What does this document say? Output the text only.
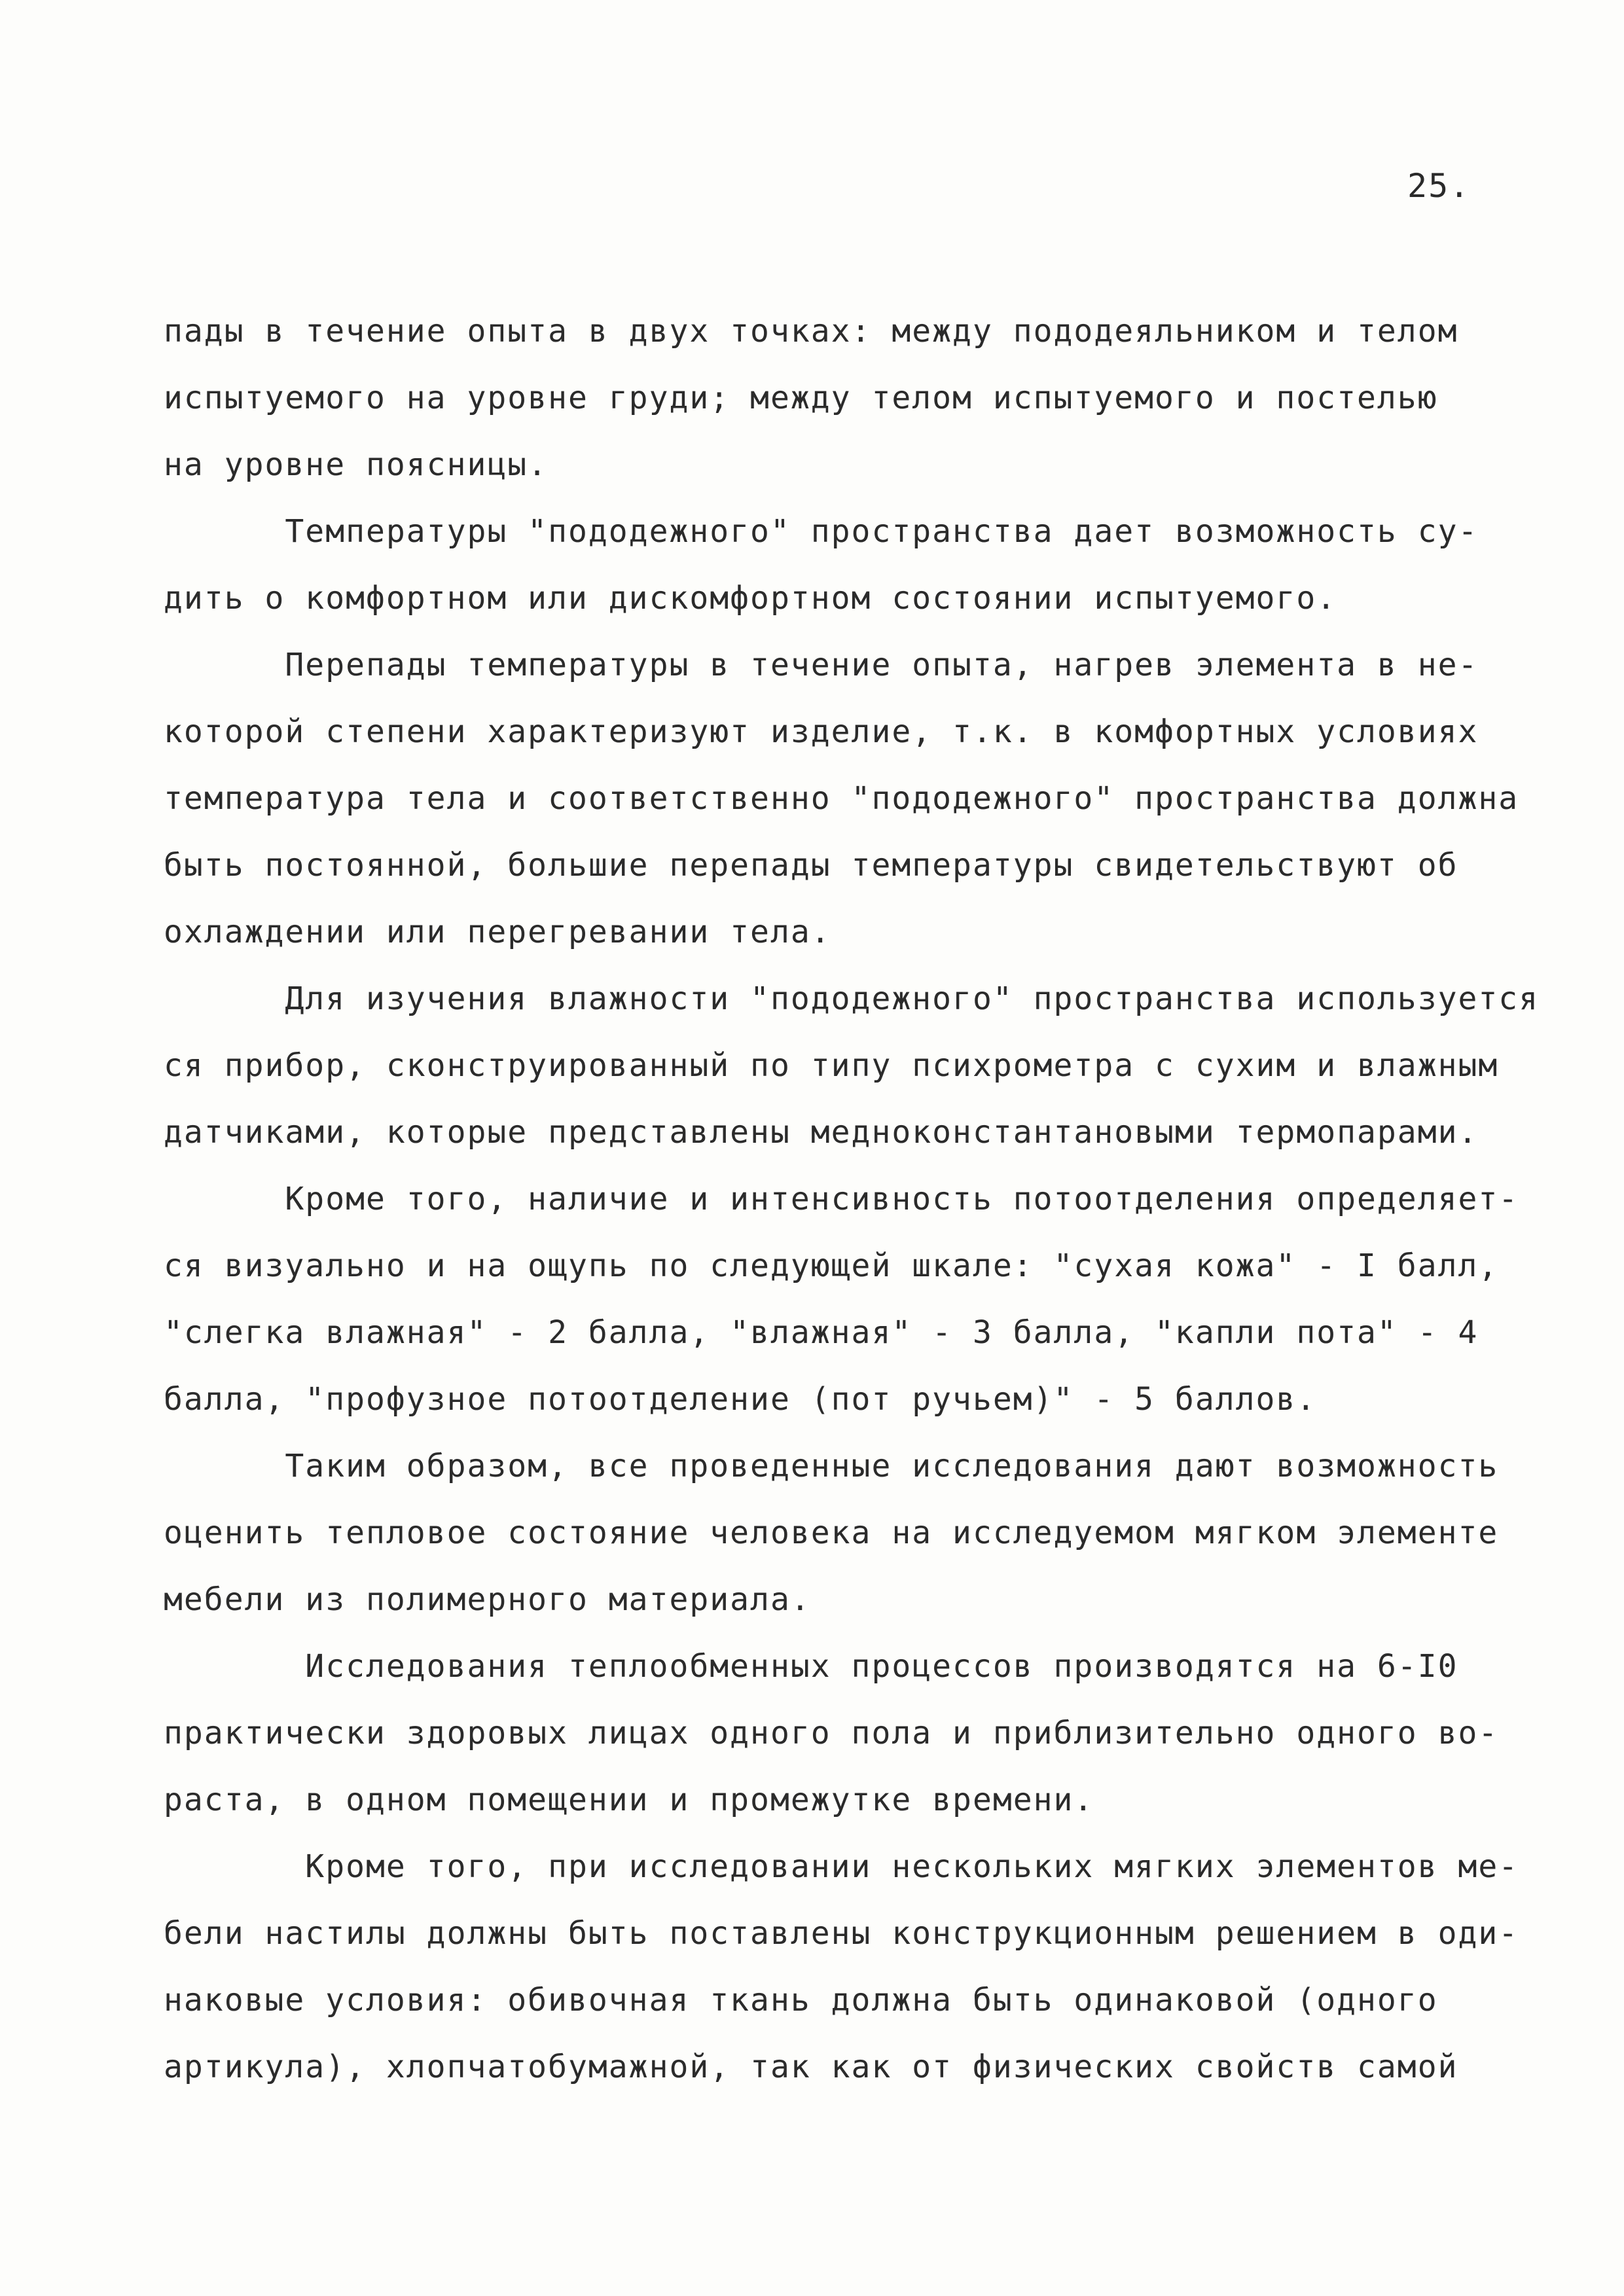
25.
пады в течение опыта в двух точках: между пододеяльником и телом
испытуемого на уровне груди; между телом испытуемого и постелью
на уровне поясницы.
Температуры "пододежного" пространства дает возможность су-
дить о комфортном или дискомфортном состоянии испытуемого.
Перепады температуры в течение опыта, нагрев элемента в не-
которой степени характеризуют изделие, т.к. в комфортных условиях
температура тела и соответственно "пододежного" пространства должна
быть постоянной, большие перепады температуры свидетельствуют об
охлаждении или перегревании тела.
Для изучения влажности "пододежного" пространства используется
ся прибор, сконструированный по типу психрометра с сухим и влажным
датчиками, которые представлены медноконстантановыми термопарами.
Кроме того, наличие и интенсивность потоотделения определяет-
ся визуально и на ощупь по следующей шкале: "сухая кожа" - I балл,
"слегка влажная" - 2 балла, "влажная" - 3 балла, "капли пота" - 4
балла, "профузное потоотделение (пот ручьем)" - 5 баллов.
Таким образом, все проведенные исследования дают возможность
оценить тепловое состояние человека на исследуемом мягком элементе
мебели из полимерного материала.
Исследования теплообменных процессов производятся на 6-I0
практически здоровых лицах одного пола и приблизительно одного во-
раста, в одном помещении и промежутке времени.
Кроме того, при исследовании нескольких мягких элементов ме-
бели настилы должны быть поставлены конструкционным решением в оди-
наковые условия: обивочная ткань должна быть одинаковой (одного
артикула), хлопчатобумажной, так как от физических свойств самой
